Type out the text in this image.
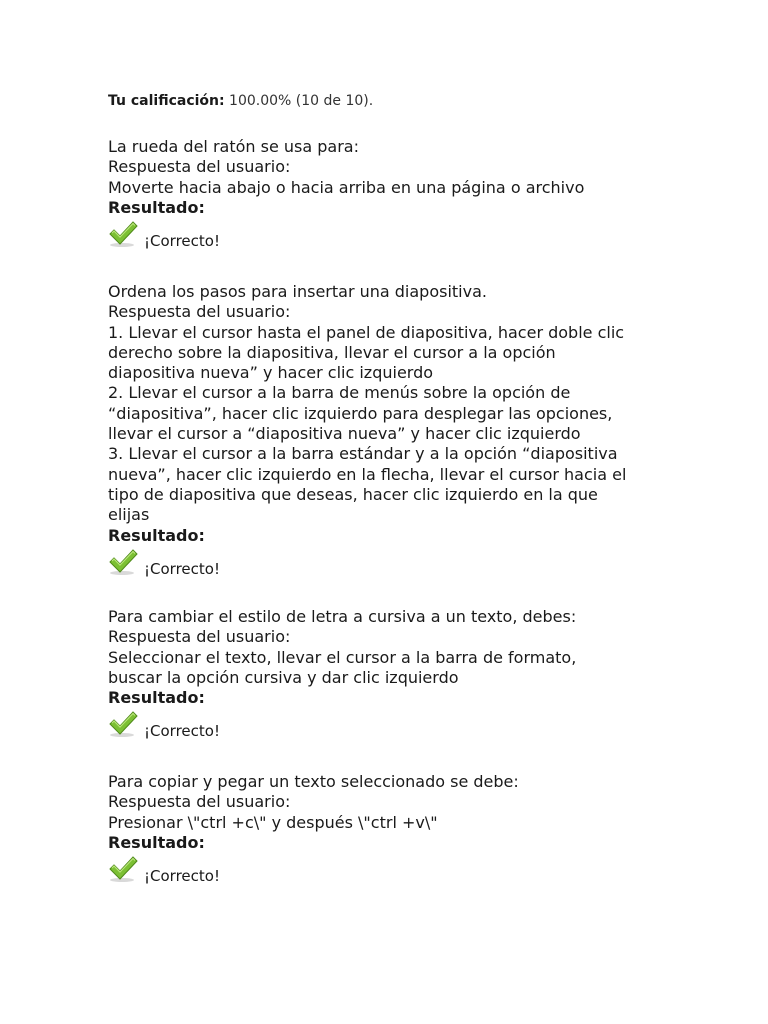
Tu calificación: 100.00% (10 de 10).

La rueda del ratón se usa para:

Respuesta del usuario:

Moverte hacia abajo o hacia arriba en una página o archivo

Resultado:

¡Correcto!

Ordena los pasos para insertar una diapositiva.

Respuesta del usuario:

1. Llevar el cursor hasta el panel de diapositiva, hacer doble clic

derecho sobre la diapositiva, llevar el cursor a la opción

diapositiva nueva” y hacer clic izquierdo

2. Llevar el cursor a la barra de menús sobre la opción de

“diapositiva”, hacer clic izquierdo para desplegar las opciones,

llevar el cursor a “diapositiva nueva” y hacer clic izquierdo

3. Llevar el cursor a la barra estándar y a la opción “diapositiva

nueva”, hacer clic izquierdo en la flecha, llevar el cursor hacia el

tipo de diapositiva que deseas, hacer clic izquierdo en la que

elijas

Resultado:

¡Correcto!

Para cambiar el estilo de letra a cursiva a un texto, debes:

Respuesta del usuario:

Seleccionar el texto, llevar el cursor a la barra de formato,

buscar la opción cursiva y dar clic izquierdo

Resultado:

¡Correcto!

Para copiar y pegar un texto seleccionado se debe:

Respuesta del usuario:

Presionar \"ctrl +c\" y después \"ctrl +v\"

Resultado:

¡Correcto!
